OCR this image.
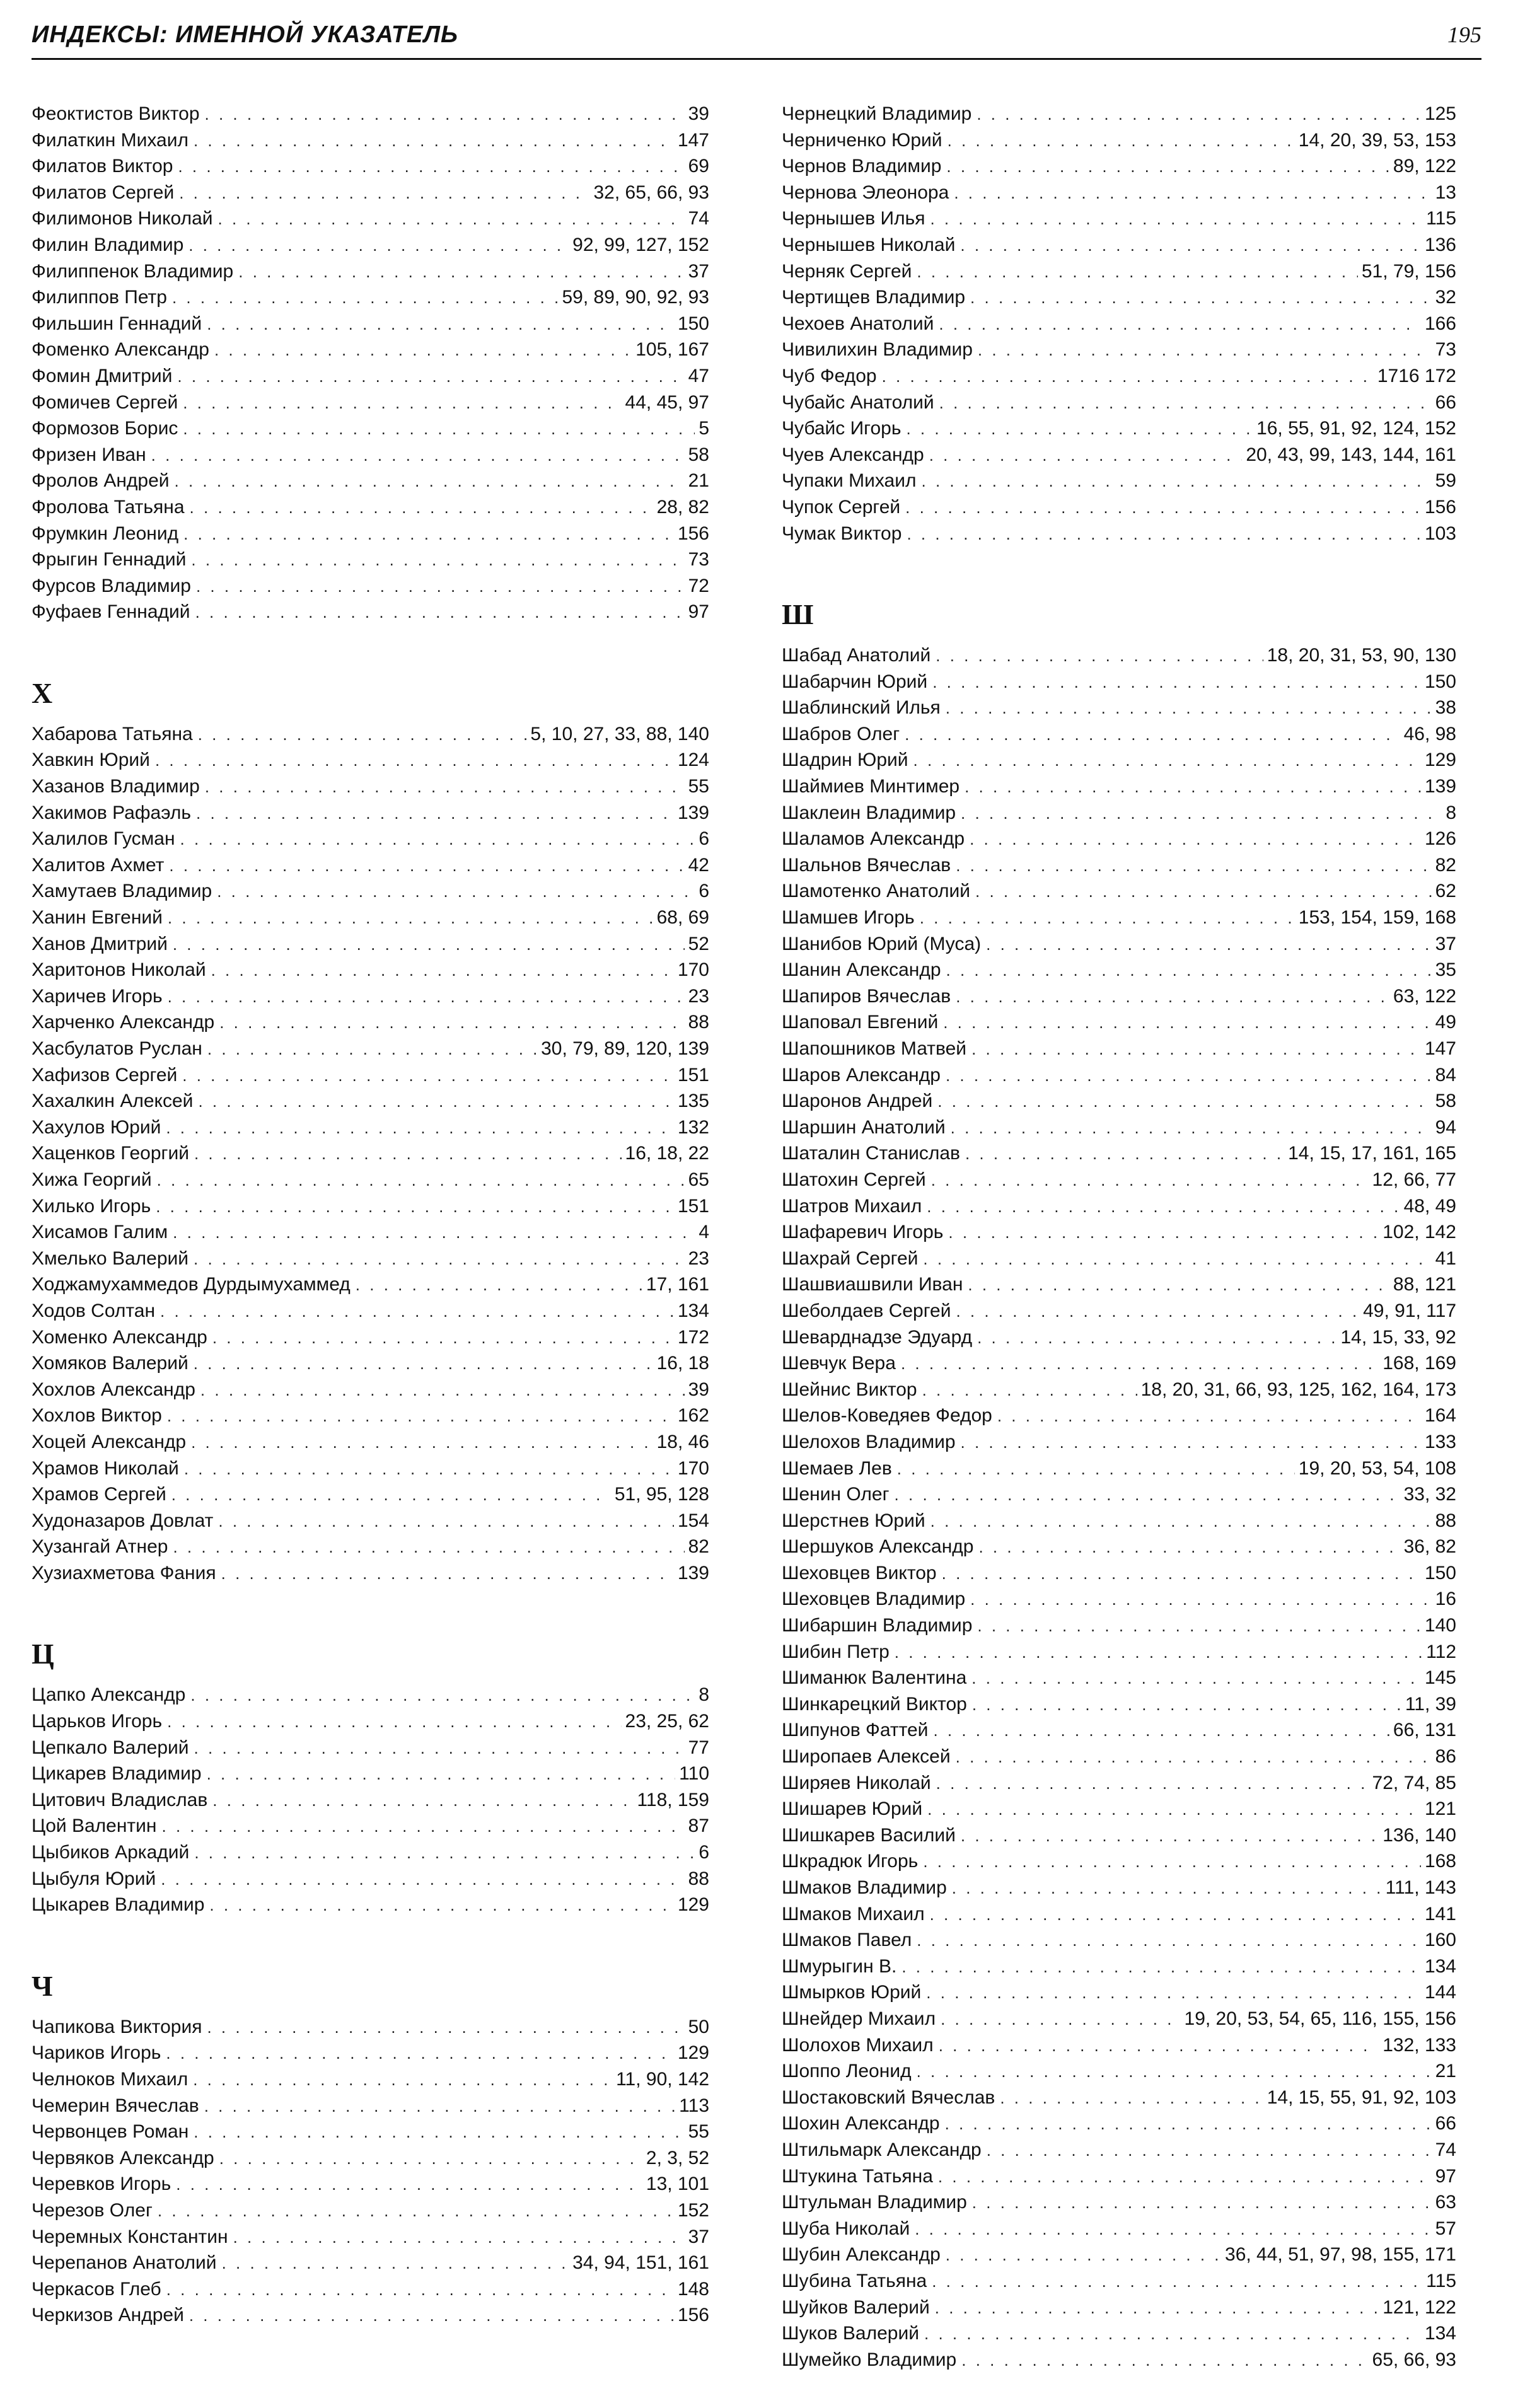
ИНДЕКСЫ: ИМЕННОЙ УКАЗАТЕЛЬ	195
Феоктистов Виктор . . .	39
Филаткин Михаил . . .	147
Филатов Виктор . . .	69
Филатов Сергей . . .	32, 65, 66, 93
Филимонов Николай . . .	74
Филин Владимир . . .	92, 99, 127, 152
Филиппенок Владимир . . .	37
Филиппов Петр . . .	59, 89, 90, 92, 93
Фильшин Геннадий . . .	150
Фоменко Александр . . .	105, 167
Фомин Дмитрий . . .	47
Фомичев Сергей . . .	44, 45, 97
Формозов Борис . . .	5
Фризен Иван . . .	58
Фролов Андрей . . .	21
Фролова Татьяна . . .	28, 82
Фрумкин Леонид . . .	156
Фрыгин Геннадий . . .	73
Фурсов Владимир . . .	72
Фуфаев Геннадий . . .	97
Х
Хабарова Татьяна . . .	5, 10, 27, 33, 88, 140
Хавкин Юрий . . .	124
Хазанов Владимир . . .	55
Хакимов Рафаэль . . .	139
Халилов Гусман . . .	6
Халитов Ахмет . . .	42
Хамутаев Владимир . . .	6
Ханин Евгений . . .	68, 69
Ханов Дмитрий . . .	52
Харитонов Николай . . .	170
Харичев Игорь . . .	23
Харченко Александр . . .	88
Хасбулатов Руслан . . .	30, 79, 89, 120, 139
Хафизов Сергей . . .	151
Хахалкин Алексей . . .	135
Хахулов Юрий . . .	132
Хаценков Георгий . . .	16, 18, 22
Хижа Георгий . . .	65
Хилько Игорь . . .	151
Хисамов Галим . . .	4
Хмелько Валерий . . .	23
Ходжамухаммедов Дурдымухаммед . . .	17, 161
Ходов Солтан . . .	134
Хоменко Александр . . .	172
Хомяков Валерий . . .	16, 18
Хохлов Александр . . .	39
Хохлов Виктор . . .	162
Хоцей Александр . . .	18, 46
Храмов Николай . . .	170
Храмов Сергей . . .	51, 95, 128
Худоназаров Довлат . . .	154
Хузангай Атнер . . .	82
Хузиахметова Фания . . .	139
Ц
Цапко Александр . . .	8
Царьков Игорь . . .	23, 25, 62
Цепкало Валерий . . .	77
Цикарев Владимир . . .	110
Цитович Владислав . . .	118, 159
Цой Валентин . . .	87
Цыбиков Аркадий . . .	6
Цыбуля Юрий . . .	88
Цыкарев Владимир . . .	129
Ч
Чапикова Виктория . . .	50
Чариков Игорь . . .	129
Челноков Михаил . . .	11, 90, 142
Чемерин Вячеслав . . .	113
Червонцев Роман . . .	55
Червяков Александр . . .	2, 3, 52
Черевков Игорь . . .	13, 101
Черезов Олег . . .	152
Черемных Константин . . .	37
Черепанов Анатолий . . .	34, 94, 151, 161
Черкасов Глеб . . .	148
Черкизов Андрей . . .	156
Чернецкий Владимир . . .	125
Черниченко Юрий . . .	14, 20, 39, 53, 153
Чернов Владимир . . .	89, 122
Чернова Элеонора . . .	13
Чернышев Илья . . .	115
Чернышев Николай . . .	136
Черняк Сергей . . .	51, 79, 156
Чертищев Владимир . . .	32
Чехоев Анатолий . . .	166
Чивилихин Владимир . . .	73
Чуб Федор . . .	1716 172
Чубайс Анатолий . . .	66
Чубайс Игорь . . .	16, 55, 91, 92, 124, 152
Чуев Александр . . .	20, 43, 99, 143, 144, 161
Чупаки Михаил . . .	59
Чупок Сергей . . .	156
Чумак Виктор . . .	103
Ш
Шабад Анатолий . . .	18, 20, 31, 53, 90, 130
Шабарчин Юрий . . .	150
Шаблинский Илья . . .	38
Шабров Олег . . .	46, 98
Шадрин Юрий . . .	129
Шаймиев Минтимер . . .	139
Шаклеин Владимир . . .	8
Шаламов Александр . . .	126
Шальнов Вячеслав . . .	82
Шамотенко Анатолий . . .	62
Шамшев Игорь . . .	153, 154, 159, 168
Шанибов Юрий (Муса) . . .	37
Шанин Александр . . .	35
Шапиров Вячеслав . . .	63, 122
Шаповал Евгений . . .	49
Шапошников Матвей . . .	147
Шаров Александр . . .	84
Шаронов Андрей . . .	58
Шаршин Анатолий . . .	94
Шаталин Станислав . . .	14, 15, 17, 161, 165
Шатохин Сергей . . .	12, 66, 77
Шатров Михаил . . .	48, 49
Шафаревич Игорь . . .	102, 142
Шахрай Сергей . . .	41
Шашвиашвили Иван . . .	88, 121
Шеболдаев Сергей . . .	49, 91, 117
Шеварднадзе Эдуард . . .	14, 15, 33, 92
Шевчук Вера . . .	168, 169
Шейнис Виктор . . .	18, 20, 31, 66, 93, 125, 162, 164, 173
Шелов-Коведяев Федор . . .	164
Шелохов Владимир . . .	133
Шемаев Лев . . .	19, 20, 53, 54, 108
Шенин Олег . . .	33, 32
Шерстнев Юрий . . .	88
Шершуков Александр . . .	36, 82
Шеховцев Виктор . . .	150
Шеховцев Владимир . . .	16
Шибаршин Владимир . . .	140
Шибин Петр . . .	112
Шиманюк Валентина . . .	145
Шинкарецкий Виктор . . .	11, 39
Шипунов Фаттей . . .	66, 131
Широпаев Алексей . . .	86
Ширяев Николай . . .	72, 74, 85
Шишарев Юрий . . .	121
Шишкарев Василий . . .	136, 140
Шкрадюк Игорь . . .	168
Шмаков Владимир . . .	111, 143
Шмаков Михаил . . .	141
Шмаков Павел . . .	160
Шмурыгин В. . . .	134
Шмырков Юрий . . .	144
Шнейдер Михаил . . .	19, 20, 53, 54, 65, 116, 155, 156
Шолохов Михаил . . .	132, 133
Шоппо Леонид . . .	21
Шостаковский Вячеслав . . .	14, 15, 55, 91, 92, 103
Шохин Александр . . .	66
Штильмарк Александр . . .	74
Штукина Татьяна . . .	97
Штульман Владимир . . .	63
Шуба Николай . . .	57
Шубин Александр . . .	36, 44, 51, 97, 98, 155, 171
Шубина Татьяна . . .	115
Шуйков Валерий . . .	121, 122
Шуков Валерий . . .	134
Шумейко Владимир . . .	65, 66, 93
